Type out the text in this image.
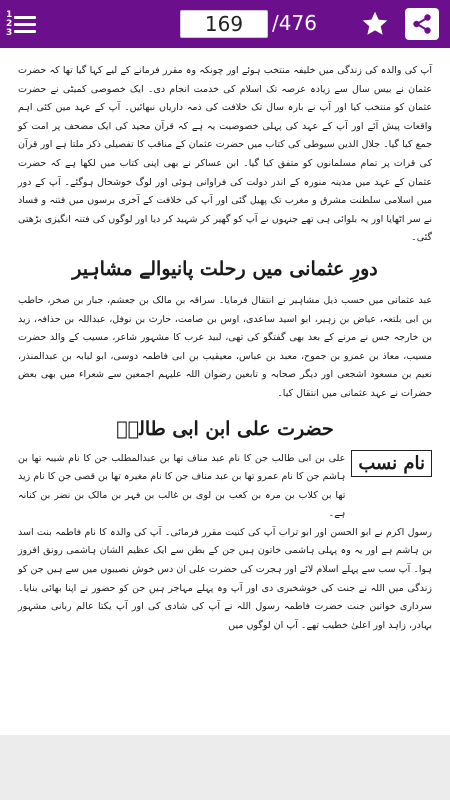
1
2
3
169	/476

آپ کی والدہ کی زندگی میں خلیفہ منتخب ہوئے اور چونکہ وہ مقرر فرمانے کے لیے کہا گیا تھا کہ حضرت عثمان نے بیس سال سے زیادہ عرصہ تک اسلام کی خدمت انجام دی۔ ایک خصوصی کمیٹی نے حضرت عثمان کو منتخب کیا اور آپ نے بارہ سال تک خلافت کی ذمہ داریاں نبھائیں۔ آپ کے عہد میں کئی اہم واقعات پیش آئے اور آپ کے عہد کی پہلی خصوصیت یہ ہے کہ قرآن مجید کی ایک مصحف پر امت کو جمع کیا گیا۔ جلال الدین سیوطی کی کتاب میں حضرت عثمان کے مناقب کا تفصیلی ذکر ملتا ہے اور قرآن کی قرات پر تمام مسلمانوں کو متفق کیا گیا۔ ابن عساکر نے بھی اپنی کتاب میں لکھا ہے کہ حضرت عثمان کے عہد میں مدینہ منورہ کے اندر دولت کی فراوانی ہوئی اور لوگ خوشحال ہوگئے۔ آپ کے دور میں اسلامی سلطنت مشرق و مغرب تک پھیل گئی اور آپ کی خلافت کے آخری برسوں میں فتنہ و فساد نے سر اٹھایا اور یہ بلوائی ہی تھے جنہوں نے آپ کو گھیر کر شہید کر دیا اور لوگوں کی فتنہ انگیزی بڑھتی گئی۔

دورِ عثمانی میں رحلت پانیوالے مشاہیر

عبد عثمانی میں حسب ذیل مشاہیر نے انتقال فرمایا۔ سراقہ بن مالک بن جعشم، جبار بن صخر، حاطب بن ابی بلتعہ، عیاض بن زہیر، ابو اسید ساعدی، اوس بن صامت، حارث بن نوفل، عبداللہ بن حذافہ، زید بن خارجہ جس نے مرنے کے بعد بھی گفتگو کی تھی، لبید عرب کا مشہور شاعر، مسیب کے والد حضرت مسیب، معاذ بن عمرو بن جموح، معبد بن عباس، معیقیب بن ابی فاطمہ دوسی، ابو لبابہ بن عبدالمنذر، نعیم بن مسعود اشجعی اور دیگر صحابہ و تابعین رضوان اللہ علیہم اجمعین سے شعراء میں بھی بعض حضرات نے عہد عثمانی میں انتقال کیا۔

حضرت علی ابن ابی طالبؓ
نام نسب

علی بن ابی طالب جن کا نام عبد مناف تھا بن عبدالمطلب جن کا نام شیبہ تھا بن ہاشم جن کا نام عمرو تھا بن عبد مناف جن کا نام مغیرہ تھا بن قصی جن کا نام زید تھا بن کلاب بن مرہ بن کعب بن لوی بن غالب بن فہر بن مالک بن نضر بن کنانہ ہے۔

رسول اکرم نے ابو الحسن اور ابو تراب آپ کی کنیت مقرر فرمائی۔ آپ کی والدہ کا نام فاطمہ بنت اسد بن ہاشم ہے اور یہ وہ پہلی ہاشمی خاتون ہیں جن کے بطن سے ایک عظیم الشان ہاشمی رونق افروز ہوا۔ آپ سب سے پہلے اسلام لائے اور ہجرت کی حضرت علی ان دس خوش نصیبوں میں سے ہیں جن کو زندگی میں اللہ نے جنت کی خوشخبری دی اور آپ وہ پہلے مہاجر ہیں جن کو حضور نے اپنا بھائی بنایا۔ سرداری خواتین جنت حضرت فاطمہ رسول اللہ نے آپ کی شادی کی اور آپ یکتا عالم ربانی مشہور بہادر، زاہد اور اعلیٰ خطیب تھے۔ آپ ان لوگوں میں
